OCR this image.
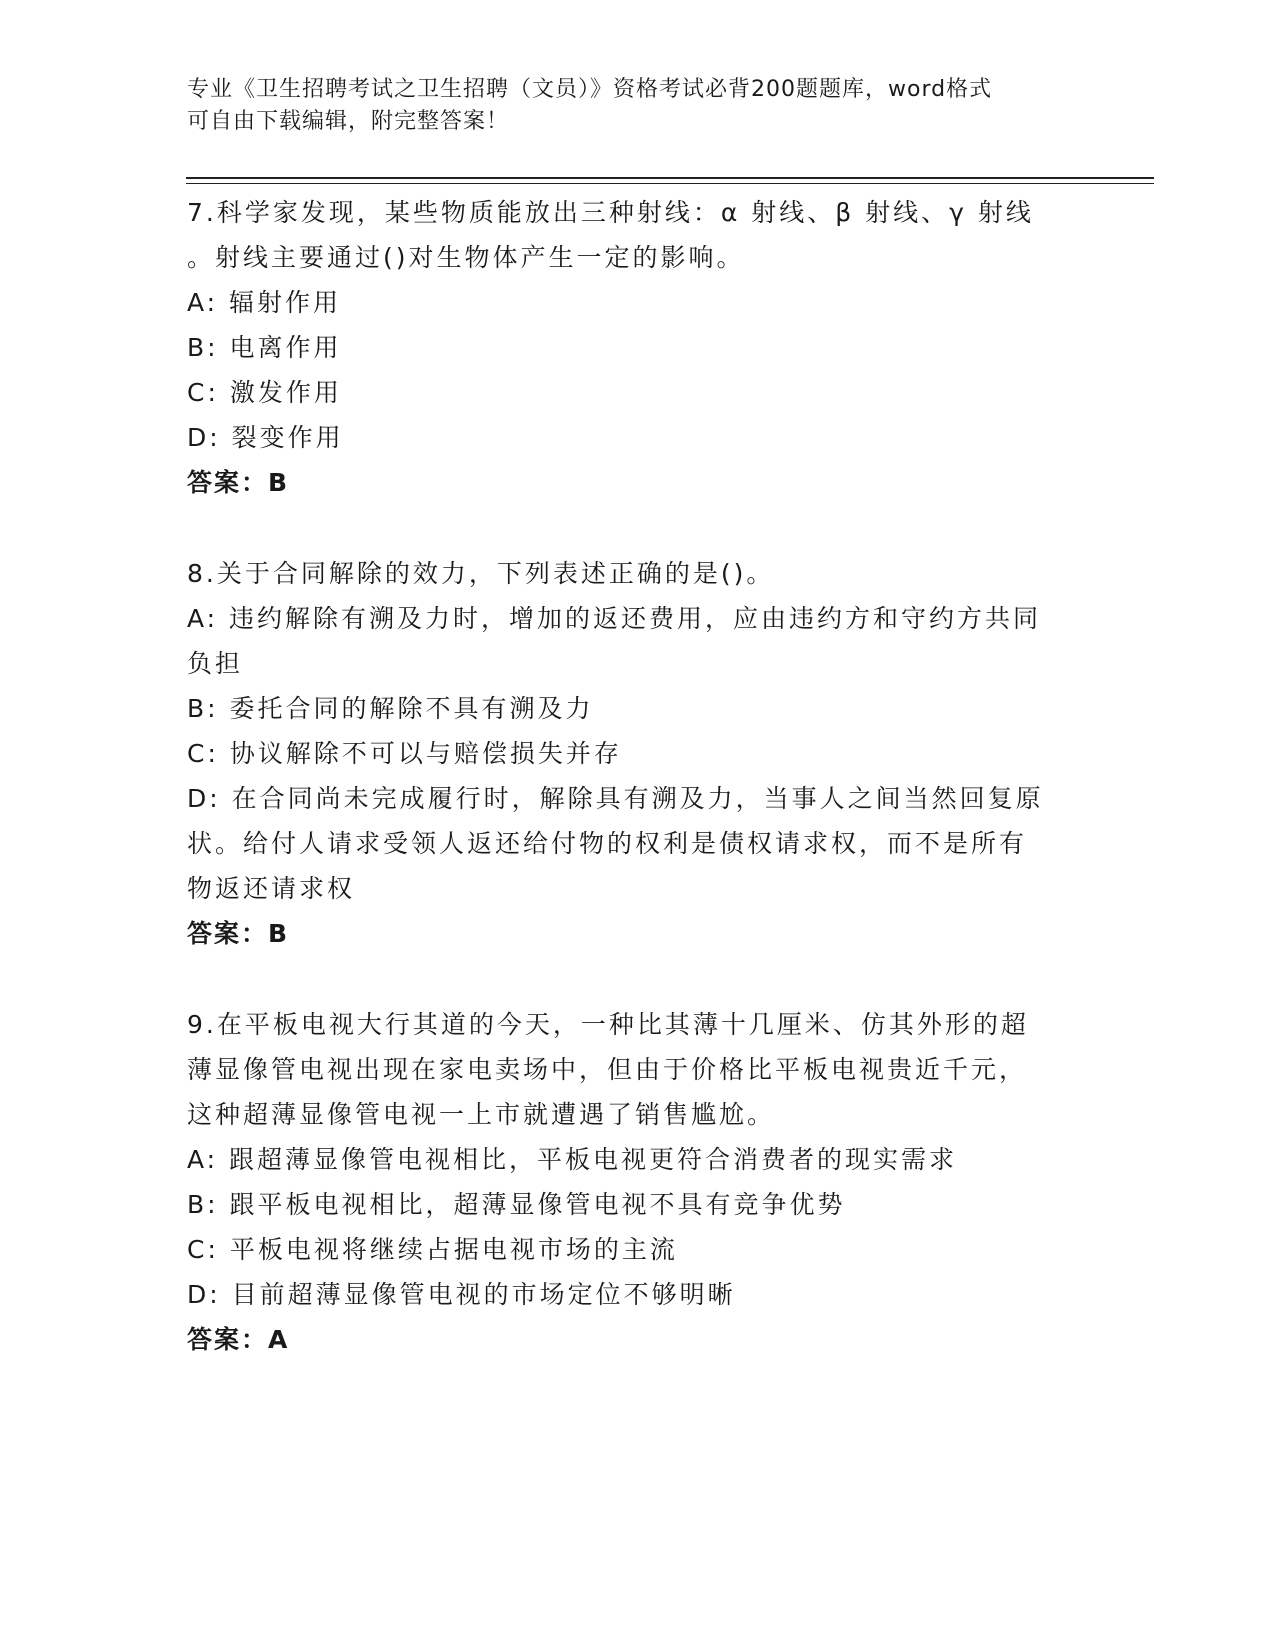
专业《卫生招聘考试之卫生招聘（文员）》资格考试必背200题题库，word格式
可自由下载编辑，附完整答案！
7.科学家发现，某些物质能放出三种射线：α 射线、β 射线、γ 射线
。射线主要通过()对生物体产生一定的影响。
A: 辐射作用
B: 电离作用
C: 激发作用
D: 裂变作用
答案：B
8.关于合同解除的效力，下列表述正确的是()。
A: 违约解除有溯及力时，增加的返还费用，应由违约方和守约方共同
负担
B: 委托合同的解除不具有溯及力
C: 协议解除不可以与赔偿损失并存
D: 在合同尚未完成履行时，解除具有溯及力，当事人之间当然回复原
状。给付人请求受领人返还给付物的权利是债权请求权，而不是所有
物返还请求权
答案：B
9.在平板电视大行其道的今天，一种比其薄十几厘米、仿其外形的超
薄显像管电视出现在家电卖场中，但由于价格比平板电视贵近千元，
这种超薄显像管电视一上市就遭遇了销售尴尬。
A: 跟超薄显像管电视相比，平板电视更符合消费者的现实需求
B: 跟平板电视相比，超薄显像管电视不具有竞争优势
C: 平板电视将继续占据电视市场的主流
D: 目前超薄显像管电视的市场定位不够明晰
答案：A
